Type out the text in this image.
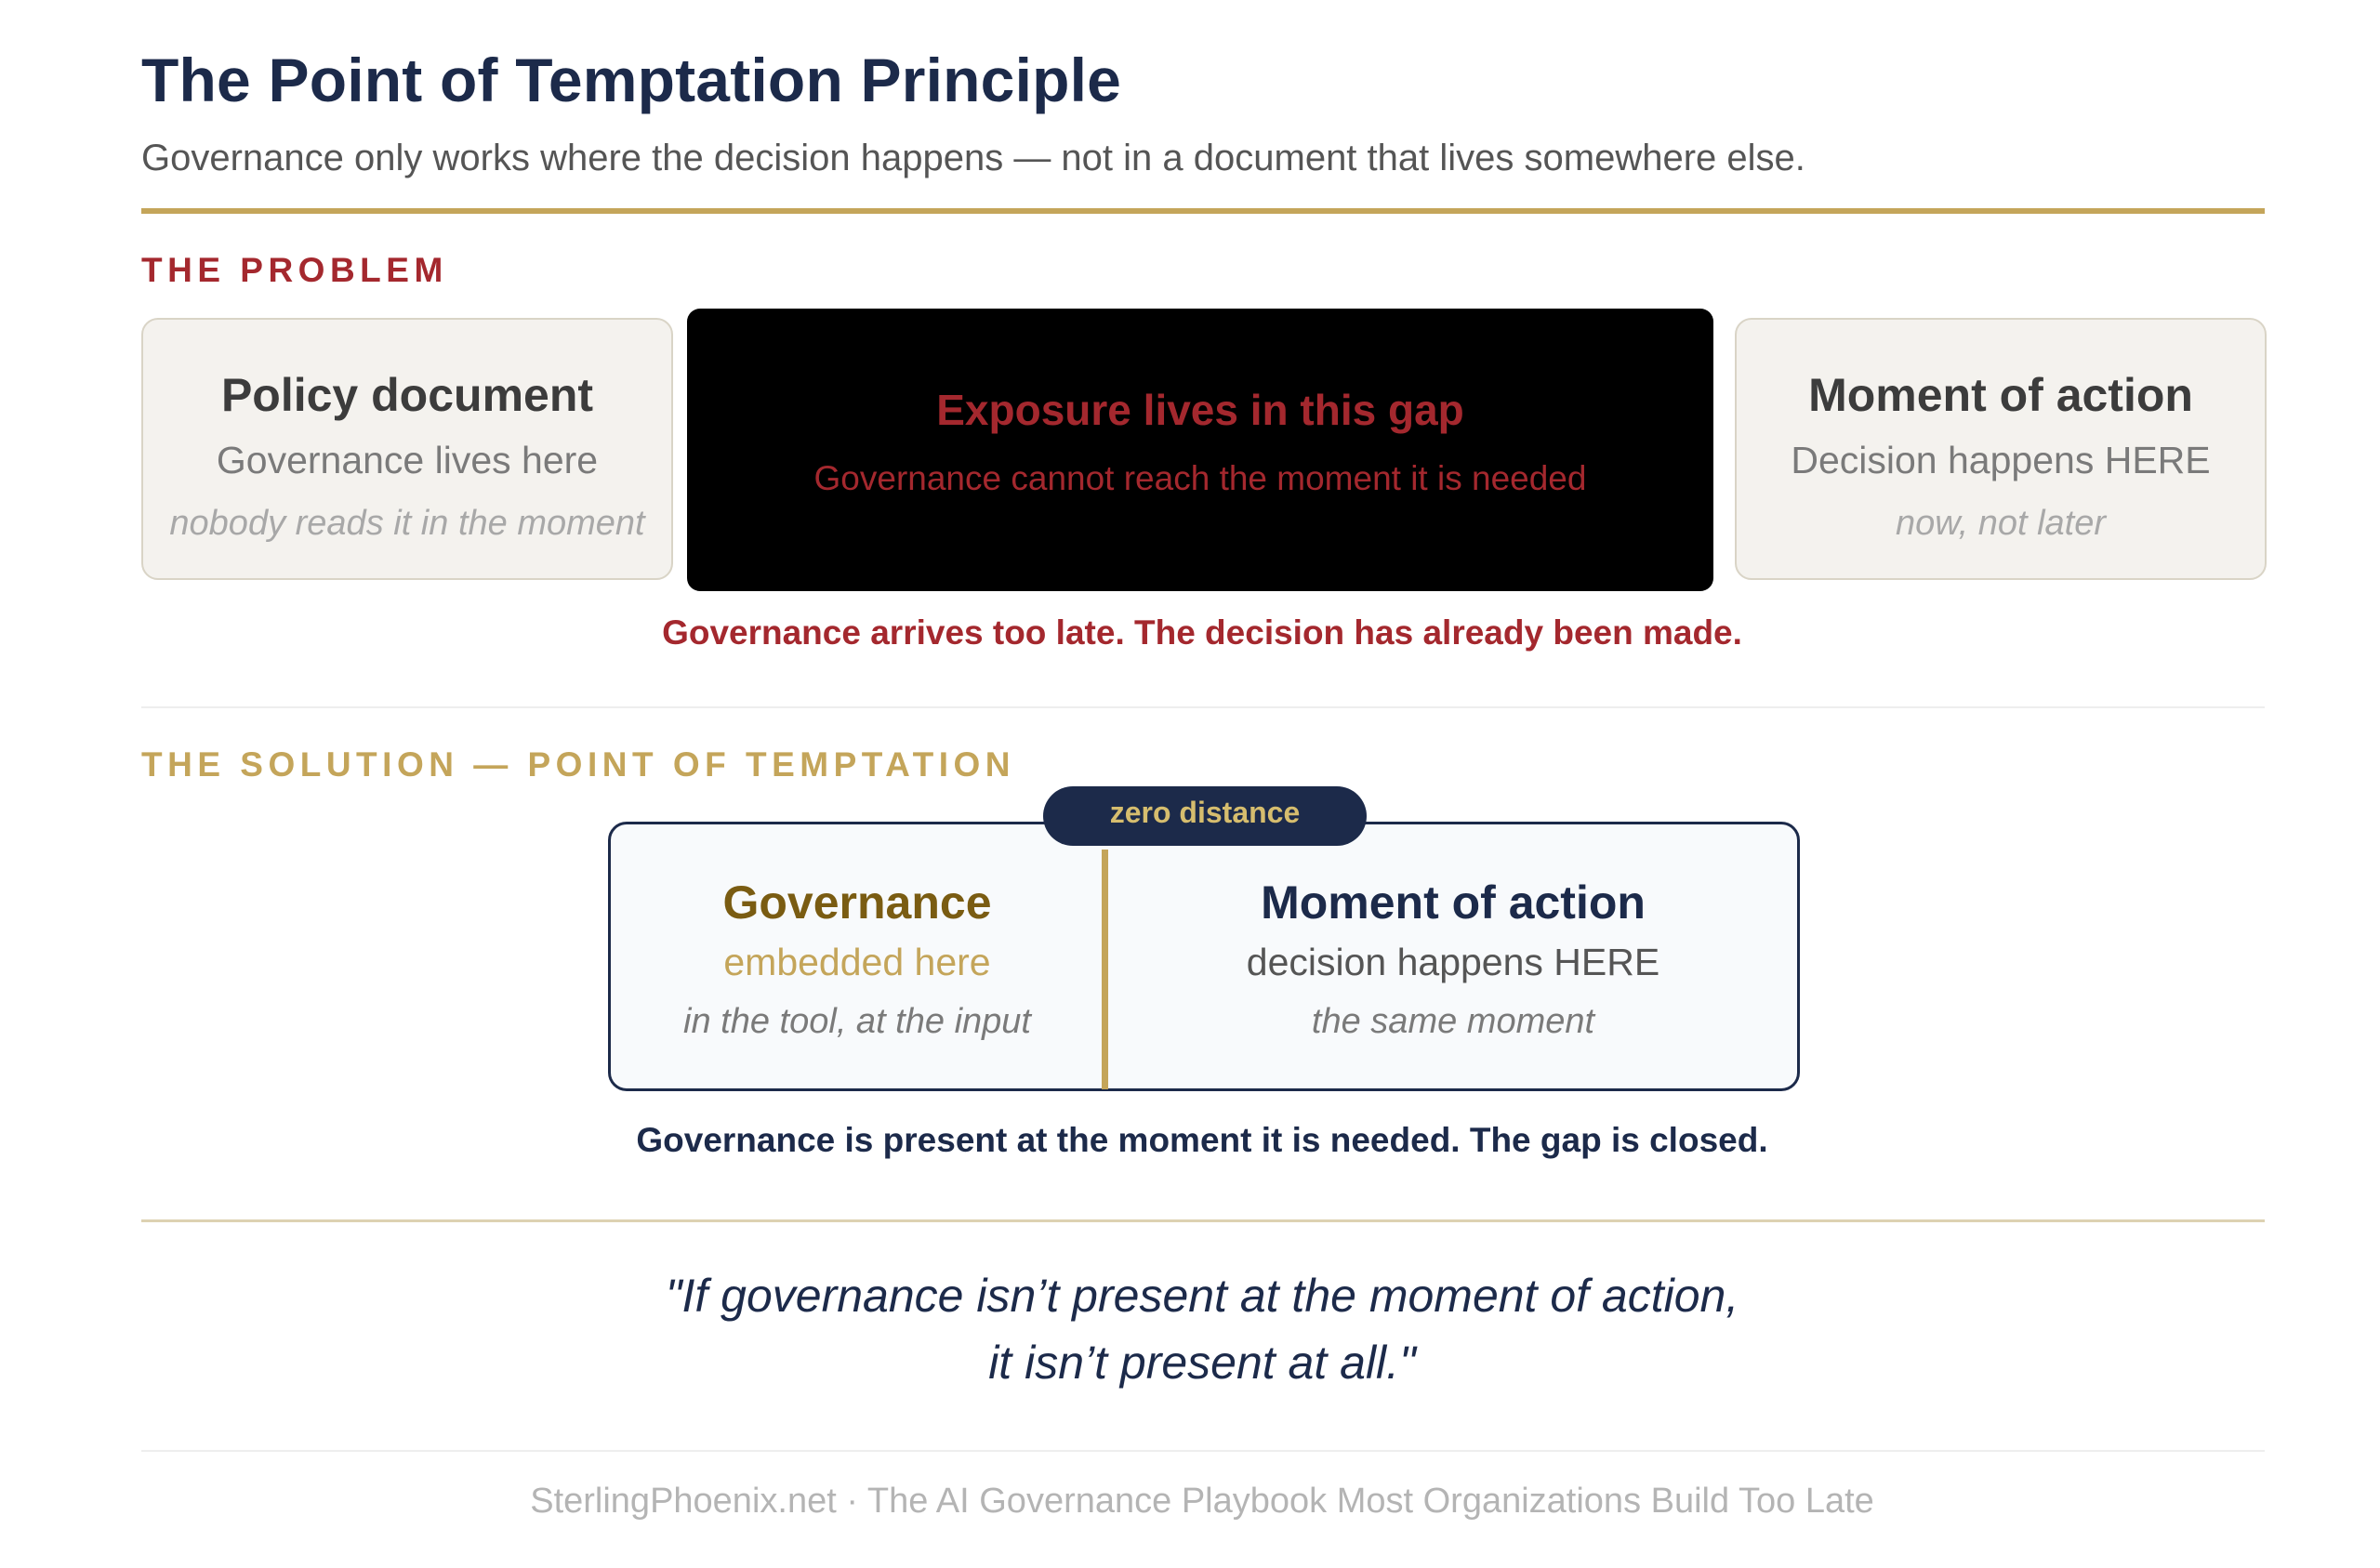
The Point of Temptation Principle
Governance only works where the decision happens — not in a document that lives somewhere else.
THE PROBLEM
Policy document
Governance lives here
nobody reads it in the moment
Exposure lives in this gap
Governance cannot reach the moment it is needed
Moment of action
Decision happens HERE
now, not later
Governance arrives too late. The decision has already been made.
THE SOLUTION — POINT OF TEMPTATION
zero distance
Governance
embedded here
in the tool, at the input
Moment of action
decision happens HERE
the same moment
Governance is present at the moment it is needed. The gap is closed.
"If governance isn’t present at the moment of action,
it isn’t present at all."
SterlingPhoenix.net · The AI Governance Playbook Most Organizations Build Too Late
